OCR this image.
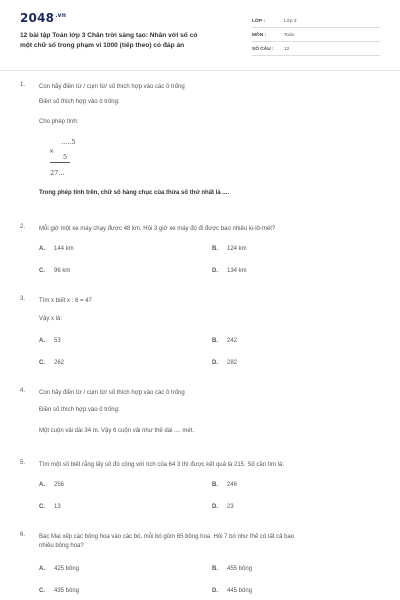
$2048^{.vn}$
12 bài tập Toán lớp 3 Chân trời sáng tạo: Nhân với số có
một chữ số trong phạm vi 1000 (tiếp theo) có đáp án
LỚP :	Lớp 3
MÔN :	Toán
SỐ CÂU :	12
1. Con hãy điền từ / cụm từ/ số thích hợp vào các ô trống
Điền số thích hợp vào ô trống:
Cho phép tính:
.....5
×
5
27...
Trong phép tính trên, chữ số hàng chục của thừa số thứ nhất là ....
2. Mỗi giờ một xe máy chạy được 48 km. Hỏi 3 giờ xe máy đó đi được bao nhiêu ki-lô-mét?
A. 144 km	B. 124 km
C. 96 km	D. 134 km
3. Tìm x biết x : 6 = 47
Vậy x là:
A. 53	B. 242
C. 262	D. 282
4. Con hãy điền từ / cụm từ/ số thích hợp vào các ô trống
Điền số thích hợp vào ô trống:
Một cuộn vải dài 34 m. Vậy 6 cuộn vải như thế dài .... mét.
5. Tìm một số biết rằng lấy số đó cộng với tích của 64 3 thì được kết quả là 215. Số cần tìm là:
A. 256	B. 246
C. 13	D. 23
6. Bác Mai xếp các bông hoa vào các bó, mỗi bó gồm 65 bông hoa. Hỏi 7 bó như thế có tất cả bao
nhiêu bông hoa?
A. 425 bông	B. 455 bông
C. 435 bông	D. 445 bông
